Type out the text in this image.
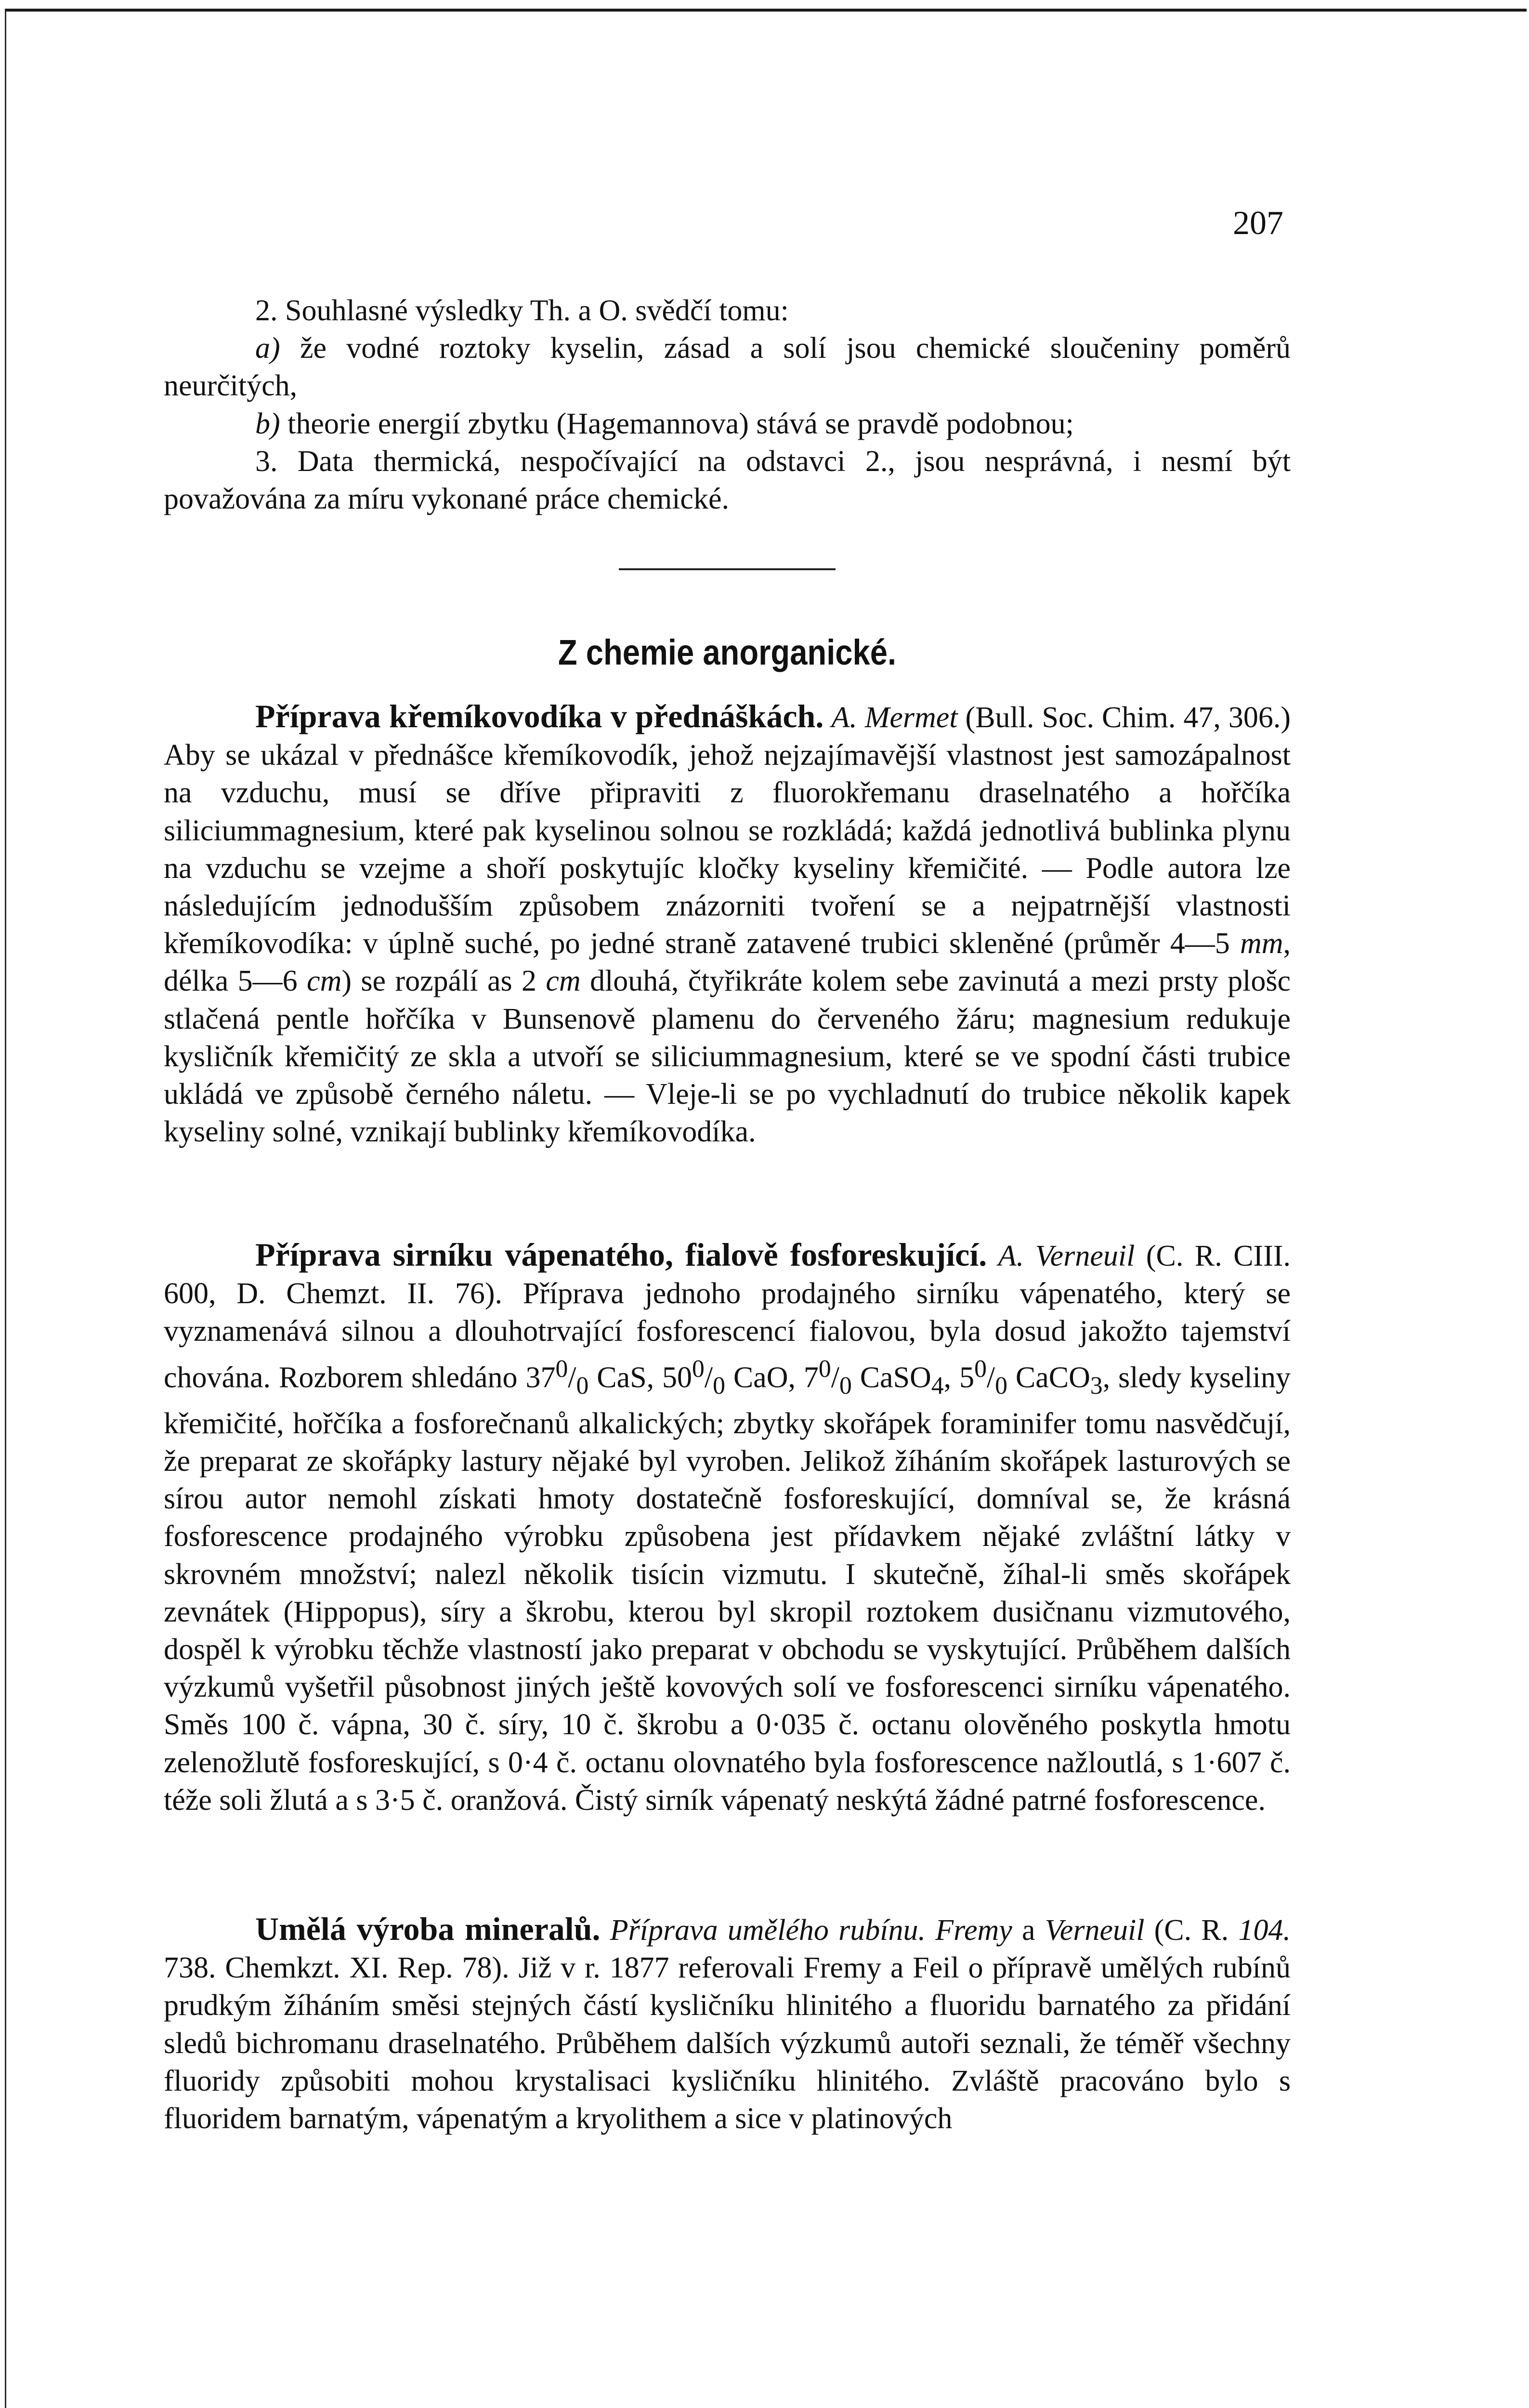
207
2. Souhlasné výsledky Th. a O. svědčí tomu:
a) že vodné roztoky kyselin, zásad a solí jsou chemické sloučeniny poměrů neurčitých,
b) theorie energií zbytku (Hagemannova) stává se pravdě podobnou;
3. Data thermická, nespočívající na odstavci 2., jsou nesprávná, i nesmí být považována za míru vykonané práce chemické.
Z chemie anorganické.
Příprava křemíkovodíka v přednáškách. A. Mermet (Bull. Soc. Chim. 47, 306.) Aby se ukázal v přednášce křemíkovodík, jehož nejzajímavější vlastnost jest samozápalnost na vzduchu, musí se dříve připraviti z fluorokřemanu draselnatého a hořčíka siliciummagnesium, které pak kyselinou solnou se rozkládá; každá jednotlivá bublinka plynu na vzduchu se vzejme a shoří poskytujíc kločky kyseliny křemičité. — Podle autora lze následujícím jednodušším způsobem znázorniti tvoření se a nejpatrnější vlastnosti křemíkovodíka: v úplně suché, po jedné straně zatavené trubici skleněné (průměr 4—5 mm, délka 5—6 cm) se rozpálí as 2 cm dlouhá, čtyřikráte kolem sebe zavinutá a mezi prsty plošc stlačená pentle hořčíka v Bunsenově plamenu do červeného žáru; magnesium redukuje kysličník křemičitý ze skla a utvoří se siliciummagnesium, které se ve spodní části trubice ukládá ve způsobě černého náletu. — Vleje-li se po vychladnutí do trubice několik kapek kyseliny solné, vznikají bublinky křemíkovodíka.
Příprava sirníku vápenatého, fialově fosforeskující. A. Verneuil (C. R. CIII. 600, D. Chemzt. II. 76). Příprava jednoho prodajného sirníku vápenatého, který se vyznamenává silnou a dlouhotrvající fosforescencí fialovou, byla dosud jakožto tajemství chována. Rozborem shledáno $37^0/_0$ CaS, $50^0/_0$ CaO, $7^0/_0$ CaSO$_4$, $5^0/_0$ CaCO$_3$, sledy kyseliny křemičité, hořčíka a fosforečnanů alkalických; zbytky skořápek foraminifer tomu nasvědčují, že preparat ze skořápky lastury nějaké byl vyroben. Jelikož žíháním skořápek lasturových se sírou autor nemohl získati hmoty dostatečně fosforeskující, domníval se, že krásná fosforescence prodajného výrobku způsobena jest přídavkem nějaké zvláštní látky v skrovném množství; nalezl několik tisícin vizmutu. I skutečně, žíhal-li směs skořápek zevnátek (Hippopus), síry a škrobu, kterou byl skropil roztokem dusičnanu vizmutového, dospěl k výrobku těchže vlastností jako preparat v obchodu se vyskytující. Průběhem dalších výzkumů vyšetřil působnost jiných ještě kovových solí ve fosforescenci sirníku vápenatého. Směs 100 č. vápna, 30 č. síry, 10 č. škrobu a 0·035 č. octanu olověného poskytla hmotu zelenožlutě fosforeskující, s 0·4 č. octanu olovnatého byla fosforescence nažloutlá, s 1·607 č. téže soli žlutá a s 3·5 č. oranžová. Čistý sirník vápenatý neskýtá žádné patrné fosforescence.
Umělá výroba mineralů. Příprava umělého rubínu. Fremy a Verneuil (C. R. 104. 738. Chemkzt. XI. Rep. 78). Již v r. 1877 referovali Fremy a Feil o přípravě umělých rubínů prudkým žíháním směsi stejných částí kysličníku hlinitého a fluoridu barnatého za přidání sledů bichromanu draselnatého. Průběhem dalších výzkumů autoři seznali, že téměř všechny fluoridy způsobiti mohou krystalisaci kysličníku hlinitého. Zvláště pracováno bylo s fluoridem barnatým, vápenatým a kryolithem a sice v platinových
